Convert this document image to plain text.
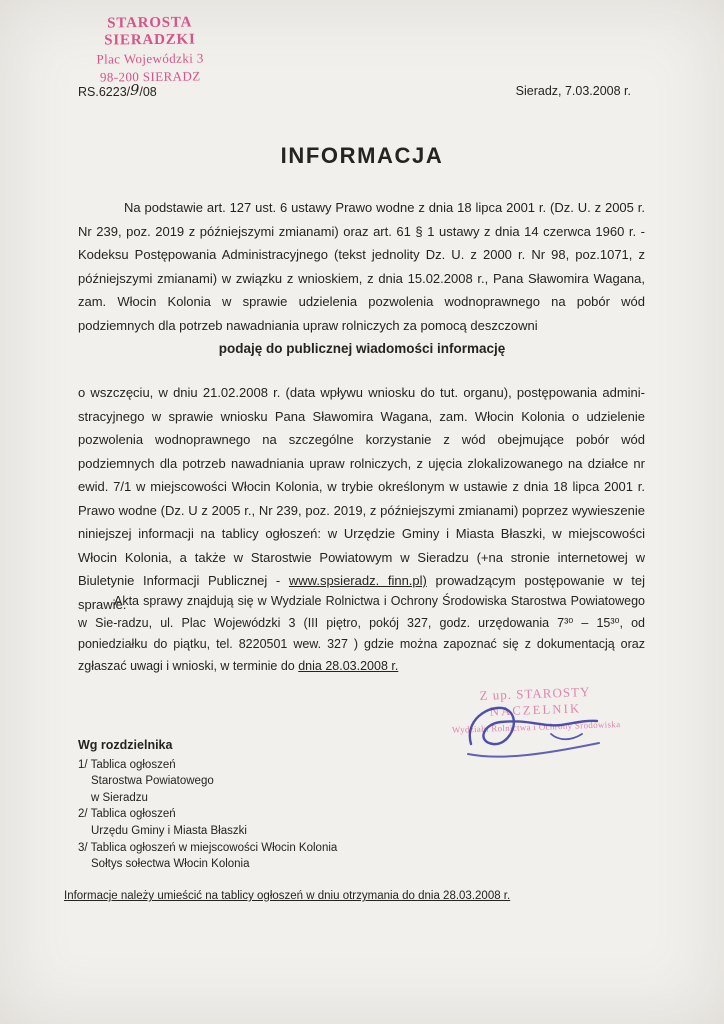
STAROSTA SIERADZKI
Plac Wojewódzki 3
98-200 SIERADZ
RS.6223/9/08	Sieradz, 7.03.2008 r.
INFORMACJA

Na podstawie art. 127 ust. 6 ustawy Prawo wodne z dnia 18 lipca 2001 r. (Dz. U. z 2005 r. Nr 239, poz. 2019 z późniejszymi zmianami) oraz art. 61 § 1 ustawy z dnia 14 czerwca 1960 r. - Kodeksu Postępowania Administracyjnego (tekst jednolity Dz. U. z 2000 r. Nr 98, poz.1071, z późniejszymi zmianami) w związku z wnioskiem, z dnia 15.02.2008 r., Pana Sławomira Wagana, zam. Włocin Kolonia w sprawie udzielenia pozwolenia wodnoprawnego na pobór wód podziemnych dla potrzeb nawadniania upraw rolniczych za pomocą deszczowni

podaję do publicznej wiadomości informację

o wszczęciu, w dniu 21.02.2008 r. (data wpływu wniosku do tut. organu), postępowania admini-stracyjnego w sprawie wniosku Pana Sławomira Wagana, zam. Włocin Kolonia o udzielenie pozwolenia wodnoprawnego na szczególne korzystanie z wód obejmujące pobór wód podziemnych dla potrzeb nawadniania upraw rolniczych, z ujęcia zlokalizowanego na działce nr ewid. 7/1 w miejscowości Włocin Kolonia, w trybie określonym w ustawie z dnia 18 lipca 2001 r. Prawo wodne (Dz. U z 2005 r., Nr 239, poz. 2019, z późniejszymi zmianami) poprzez wywieszenie niniejszej informacji na tablicy ogłoszeń: w Urzędzie Gminy i Miasta Błaszki, w miejscowości Włocin Kolonia, a także w Starostwie Powiatowym w Sieradzu (+na stronie internetowej w Biuletynie Informacji Publicznej - www.spsieradz. finn.pl) prowadzącym postępowanie w tej sprawie.

Akta sprawy znajdują się w Wydziale Rolnictwa i Ochrony Środowiska Starostwa Powiatowego w Sie-radzu, ul. Plac Wojewódzki 3 (III piętro, pokój 327, godz. urzędowania 7³⁰ – 15³⁰, od poniedziałku do piątku, tel. 8220501 wew. 327 ) gdzie można zapoznać się z dokumentacją oraz zgłaszać uwagi i wnioski, w terminie do dnia 28.03.2008 r.

Z up. STAROSTY
NACZELNIK
Wydziału Rolnictwa i Ochrony Środowiska
Wg rozdzielnika
1/ Tablica ogłoszeń
Starostwa Powiatowego
w Sieradzu
2/ Tablica ogłoszeń
Urzędu Gminy i Miasta Błaszki
3/ Tablica ogłoszeń w miejscowości Włocin Kolonia
Sołtys sołectwa Włocin Kolonia
Informacje należy umieścić na tablicy ogłoszeń w dniu otrzymania do dnia 28.03.2008 r.
